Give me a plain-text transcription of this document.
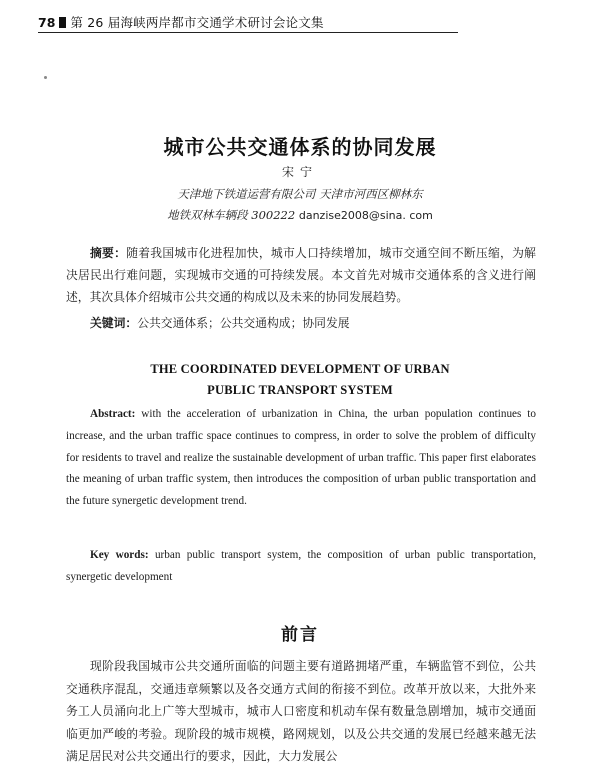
78 第 26 届海峡两岸都市交通学术研讨会论文集
城市公共交通体系的协同发展
宋宁
天津地下铁道运营有限公司 天津市河西区柳林东
地铁双林车辆段 300222 danzise2008@sina. com
摘要：随着我国城市化进程加快，城市人口持续增加，城市交通空间不断压缩，为解决居民出行难问题，实现城市交通的可持续发展。本文首先对城市交通体系的含义进行阐述，其次具体介绍城市公共交通的构成以及未来的协同发展趋势。
关键词：公共交通体系；公共交通构成；协同发展
THE COORDINATED DEVELOPMENT OF URBAN
PUBLIC TRANSPORT SYSTEM
Abstract: with the acceleration of urbanization in China, the urban population continues to increase, and the urban traffic space continues to compress, in order to solve the problem of difficulty for residents to travel and realize the sustainable development of urban traffic. This paper first elaborates the meaning of urban traffic system, then introduces the composition of urban public transportation and the future synergetic development trend.
Key words: urban public transport system, the composition of urban public transportation, synergetic development
前言
现阶段我国城市公共交通所面临的问题主要有道路拥堵严重，车辆监管不到位，公共交通秩序混乱，交通违章频繁以及各交通方式间的衔接不到位。改革开放以来，大批外来务工人员涌向北上广等大型城市，城市人口密度和机动车保有数量急剧增加，城市交通面临更加严峻的考验。现阶段的城市规模，路网规划，以及公共交通的发展已经越来越无法满足居民对公共交通出行的要求，因此，大力发展公
